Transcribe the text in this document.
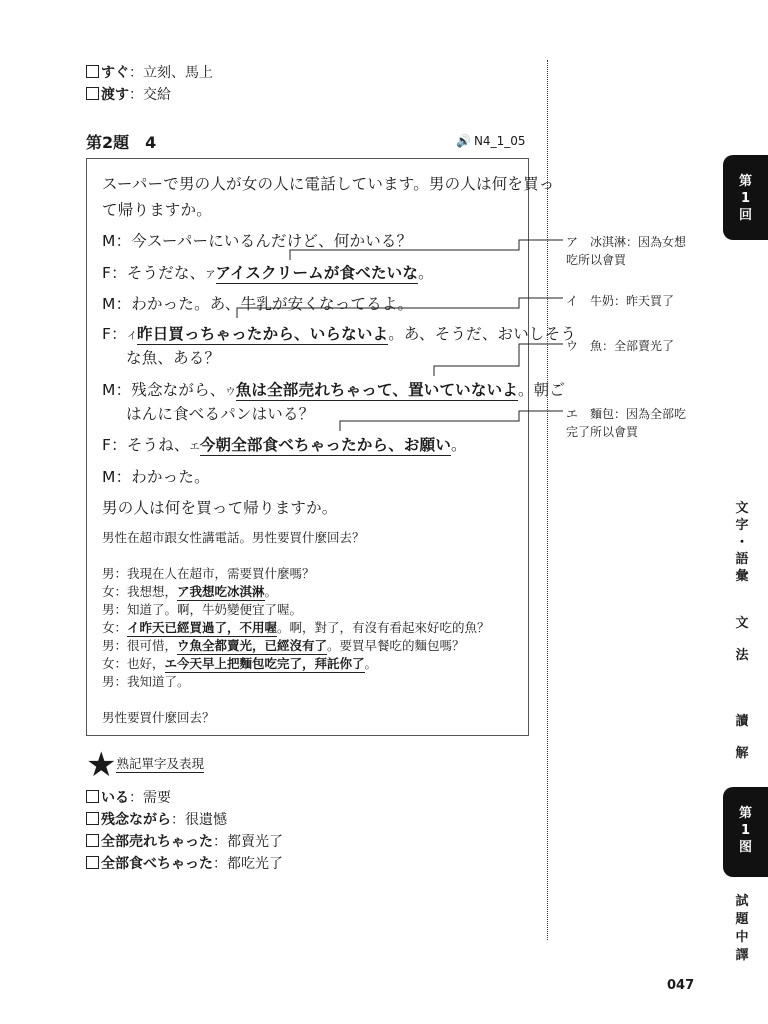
すぐ：立刻、馬上
渡す：交給
第2題　4	🔊 N4_1_05
スーパーで男の人が女の人に電話しています。男の人は何を買っ
て帰りますか。
M：今スーパーにいるんだけど、何かいる？
F：そうだな、アアイスクリームが食べたいな。
M：わかった。あ、牛乳が安くなってるよ。
F：イ昨日買っちゃったから、いらないよ。あ、そうだ、おいしそう
な魚、ある？
M：残念ながら、ウ魚は全部売れちゃって、置いていないよ。朝ご
はんに食べるパンはいる？
F：そうね、エ今朝全部食べちゃったから、お願い。
M：わかった。
男の人は何を買って帰りますか。
男性在超市跟女性講電話。男性要買什麼回去？
男：我現在人在超市，需要買什麼嗎？
女：我想想，ア我想吃冰淇淋。
男：知道了。啊，牛奶變便宜了喔。
女：イ昨天已經買過了，不用喔。啊，對了，有沒有看起來好吃的魚？
男：很可惜，ウ魚全都賣光，已經沒有了。要買早餐吃的麵包嗎？
女：也好，エ今天早上把麵包吃完了，拜託你了。
男：我知道了。
男性要買什麼回去？
ア　冰淇淋：因為女想
吃所以會買
イ　牛奶：昨天買了
ウ　魚：全部賣光了
エ　麵包：因為全部吃
完了所以會買
★熟記單字及表現
いる：需要
残念ながら：很遺憾
全部売れちゃった：都賣光了
全部食べちゃった：都吃光了
第
1
回
文
字
・
語
彙
文
法
讀
解
第
1
图
試
題
中
譯
047
